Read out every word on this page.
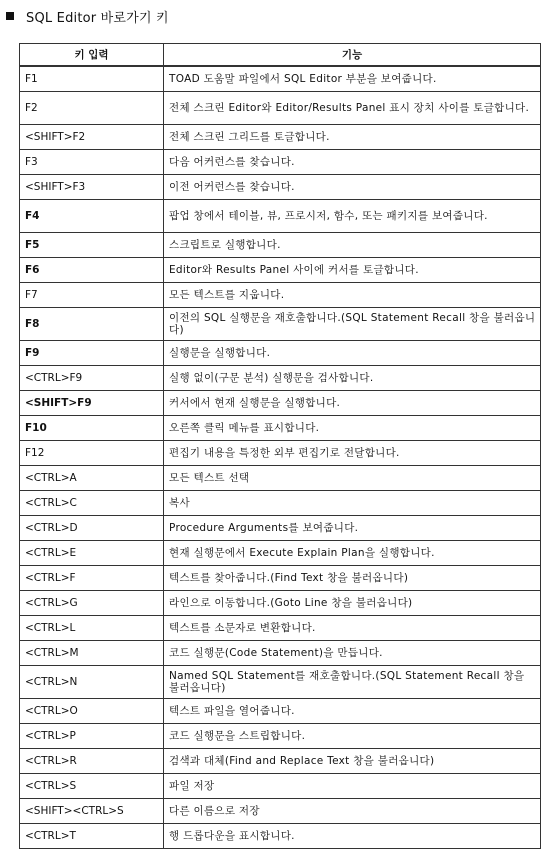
SQL Editor 바로가기 키
키 입력	기능
F1	TOAD 도움말 파일에서 SQL Editor 부분을 보여줍니다.
F2	전체 스크린 Editor와 Editor/Results Panel 표시 장치 사이를 토글합니다.
<SHIFT>F2	전체 스크린 그리드를 토글합니다.
F3	다음 어커런스를 찾습니다.
<SHIFT>F3	이전 어커런스를 찾습니다.
F4	팝업 창에서 테이블, 뷰, 프로시저, 함수, 또는 패키지를 보여줍니다.
F5	스크립트로 실행합니다.
F6	Editor와 Results Panel 사이에 커서를 토글합니다.
F7	모든 텍스트를 지웁니다.
F8	이전의 SQL 실행문을 재호출합니다.(SQL Statement Recall 창을 불러옵니다)
F9	실행문을 실행합니다.
<CTRL>F9	실행 없이(구문 분석) 실행문을 검사합니다.
<SHIFT>F9	커서에서 현재 실행문을 실행합니다.
F10	오른쪽 클릭 메뉴를 표시합니다.
F12	편집기 내용을 특정한 외부 편집기로 전달합니다.
<CTRL>A	모든 텍스트 선택
<CTRL>C	복사
<CTRL>D	Procedure Arguments를 보여줍니다.
<CTRL>E	현재 실행문에서 Execute Explain Plan을 실행합니다.
<CTRL>F	텍스트를 찾아줍니다.(Find Text 창을 불러옵니다)
<CTRL>G	라인으로 이동합니다.(Goto Line 창을 불러옵니다)
<CTRL>L	텍스트를 소문자로 변환합니다.
<CTRL>M	코드 실행문(Code Statement)을 만듭니다.
<CTRL>N	Named SQL Statement를 재호출합니다.(SQL Statement Recall 창을 불러옵니다)
<CTRL>O	텍스트 파일을 열어줍니다.
<CTRL>P	코드 실행문을 스트립합니다.
<CTRL>R	검색과 대체(Find and Replace Text 창을 불러옵니다)
<CTRL>S	파일 저장
<SHIFT><CTRL>S	다른 이름으로 저장
<CTRL>T	행 드롭다운을 표시합니다.
